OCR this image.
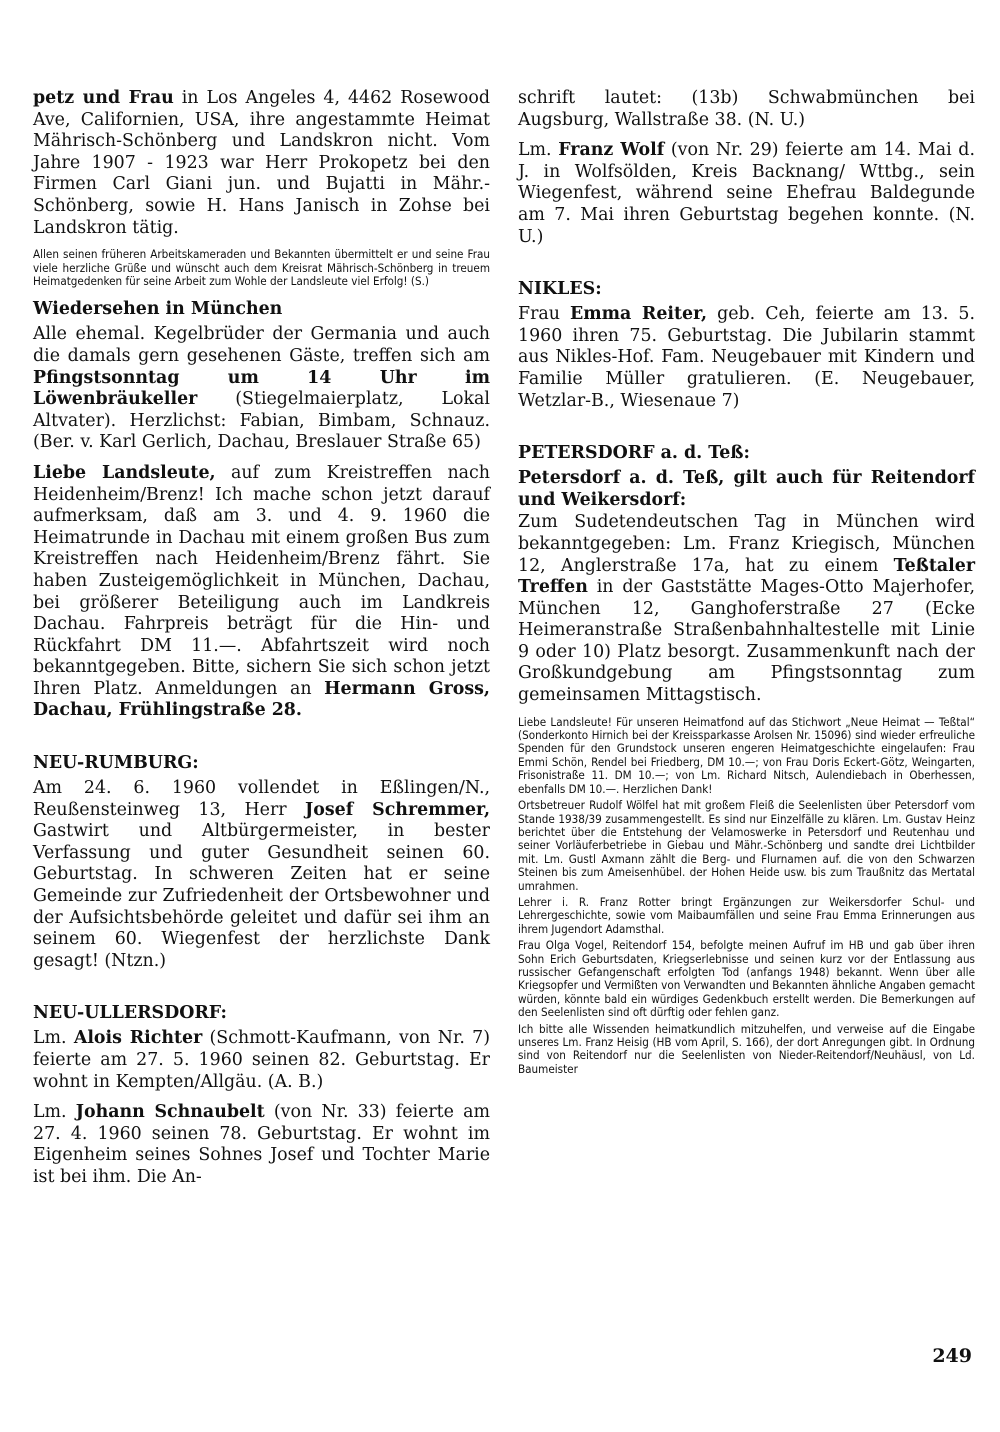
petz und Frau in Los Angeles 4, 4462 Rosewood Ave, Californien, USA, ihre angestammte Heimat Mährisch-Schönberg und Landskron nicht. Vom Jahre 1907 - 1923 war Herr Prokopetz bei den Firmen Carl Giani jun. und Bujatti in Mähr.-Schönberg, sowie H. Hans Janisch in Zohse bei Landskron tätig.

Allen seinen früheren Arbeitskameraden und Bekannten übermittelt er und seine Frau viele herzliche Grüße und wünscht auch dem Kreisrat Mährisch-Schönberg in treuem Heimatgedenken für seine Arbeit zum Wohle der Landsleute viel Erfolg! (S.)

Wiedersehen in München

Alle ehemal. Kegelbrüder der Germania und auch die damals gern gesehenen Gäste, treffen sich am Pfingstsonntag um 14 Uhr im Löwenbräukeller (Stiegelmaierplatz, Lokal Altvater). Herzlichst: Fabian, Bimbam, Schnauz. (Ber. v. Karl Gerlich, Dachau, Breslauer Straße 65)

Liebe Landsleute, auf zum Kreistreffen nach Heidenheim/Brenz! Ich mache schon jetzt darauf aufmerksam, daß am 3. und 4. 9. 1960 die Heimatrunde in Dachau mit einem großen Bus zum Kreistreffen nach Heidenheim/Brenz fährt. Sie haben Zusteigemöglichkeit in München, Dachau, bei größerer Beteiligung auch im Landkreis Dachau. Fahrpreis beträgt für die Hin- und Rückfahrt DM 11.—. Abfahrtszeit wird noch bekanntgegeben. Bitte, sichern Sie sich schon jetzt Ihren Platz. Anmeldungen an Hermann Gross, Dachau, Frühlingstraße 28.

NEU-RUMBURG:

Am 24. 6. 1960 vollendet in Eßlingen/N., Reußensteinweg 13, Herr Josef Schremmer, Gastwirt und Altbürgermeister, in bester Verfassung und guter Gesundheit seinen 60. Geburtstag. In schweren Zeiten hat er seine Gemeinde zur Zufriedenheit der Ortsbewohner und der Aufsichtsbehörde geleitet und dafür sei ihm an seinem 60. Wiegenfest der herzlichste Dank gesagt! (Ntzn.)

NEU-ULLERSDORF:

Lm. Alois Richter (Schmott-Kaufmann, von Nr. 7) feierte am 27. 5. 1960 seinen 82. Geburtstag. Er wohnt in Kempten/Allgäu. (A. B.)

Lm. Johann Schnaubelt (von Nr. 33) feierte am 27. 4. 1960 seinen 78. Geburtstag. Er wohnt im Eigenheim seines Sohnes Josef und Tochter Marie ist bei ihm. Die An-

schrift lautet: (13b) Schwabmünchen bei Augsburg, Wallstraße 38. (N. U.)

Lm. Franz Wolf (von Nr. 29) feierte am 14. Mai d. J. in Wolfsölden, Kreis Backnang/ Wttbg., sein Wiegenfest, während seine Ehefrau Baldegunde am 7. Mai ihren Geburtstag begehen konnte. (N. U.)

NIKLES:

Frau Emma Reiter, geb. Ceh, feierte am 13. 5. 1960 ihren 75. Geburtstag. Die Jubilarin stammt aus Nikles-Hof. Fam. Neugebauer mit Kindern und Familie Müller gratulieren. (E. Neugebauer, Wetzlar-B., Wiesenaue 7)

PETERSDORF a. d. Teß:
Petersdorf a. d. Teß, gilt auch für Reitendorf und Weikersdorf:

Zum Sudetendeutschen Tag in München wird bekanntgegeben: Lm. Franz Kriegisch, München 12, Anglerstraße 17a, hat zu einem Teßtaler Treffen in der Gaststätte Mages-Otto Majerhofer, München 12, Ganghoferstraße 27 (Ecke Heimeranstraße Straßenbahnhaltestelle mit Linie 9 oder 10) Platz besorgt. Zusammenkunft nach der Großkundgebung am Pfingstsonntag zum gemeinsamen Mittagstisch.

Liebe Landsleute! Für unseren Heimatfond auf das Stichwort „Neue Heimat — Teßtal“ (Sonderkonto Hirnich bei der Kreissparkasse Arolsen Nr. 15096) sind wieder erfreuliche Spenden für den Grundstock unseren engeren Heimatgeschichte eingelaufen: Frau Emmi Schön, Rendel bei Friedberg, DM 10.—; von Frau Doris Eckert-Götz, Weingarten, Frisonistraße 11. DM 10.—; von Lm. Richard Nitsch, Aulendiebach in Oberhessen, ebenfalls DM 10.—. Herzlichen Dank!

Ortsbetreuer Rudolf Wölfel hat mit großem Fleiß die Seelenlisten über Petersdorf vom Stande 1938/39 zusammengestellt. Es sind nur Einzelfälle zu klären. Lm. Gustav Heinz berichtet über die Entstehung der Velamoswerke in Petersdorf und Reutenhau und seiner Vorläuferbetriebe in Giebau und Mähr.-Schönberg und sandte drei Lichtbilder mit. Lm. Gustl Axmann zählt die Berg- und Flurnamen auf. die von den Schwarzen Steinen bis zum Ameisenhübel. der Hohen Heide usw. bis zum Traußnitz das Mertatal umrahmen.

Lehrer i. R. Franz Rotter bringt Ergänzungen zur Weikersdorfer Schul- und Lehrergeschichte, sowie vom Maibaumfällen und seine Frau Emma Erinnerungen aus ihrem Jugendort Adamsthal.

Frau Olga Vogel, Reitendorf 154, befolgte meinen Aufruf im HB und gab über ihren Sohn Erich Geburtsdaten, Kriegserlebnisse und seinen kurz vor der Entlassung aus russischer Gefangenschaft erfolgten Tod (anfangs 1948) bekannt. Wenn über alle Kriegsopfer und Vermißten von Verwandten und Bekannten ähnliche Angaben gemacht würden, könnte bald ein würdiges Gedenkbuch erstellt werden. Die Bemerkungen auf den Seelenlisten sind oft dürftig oder fehlen ganz.

Ich bitte alle Wissenden heimatkundlich mitzuhelfen, und verweise auf die Eingabe unseres Lm. Franz Heisig (HB vom April, S. 166), der dort Anregungen gibt. In Ordnung sind von Reitendorf nur die Seelenlisten von Nieder-Reitendorf/Neuhäusl, von Ld. Baumeister

249
